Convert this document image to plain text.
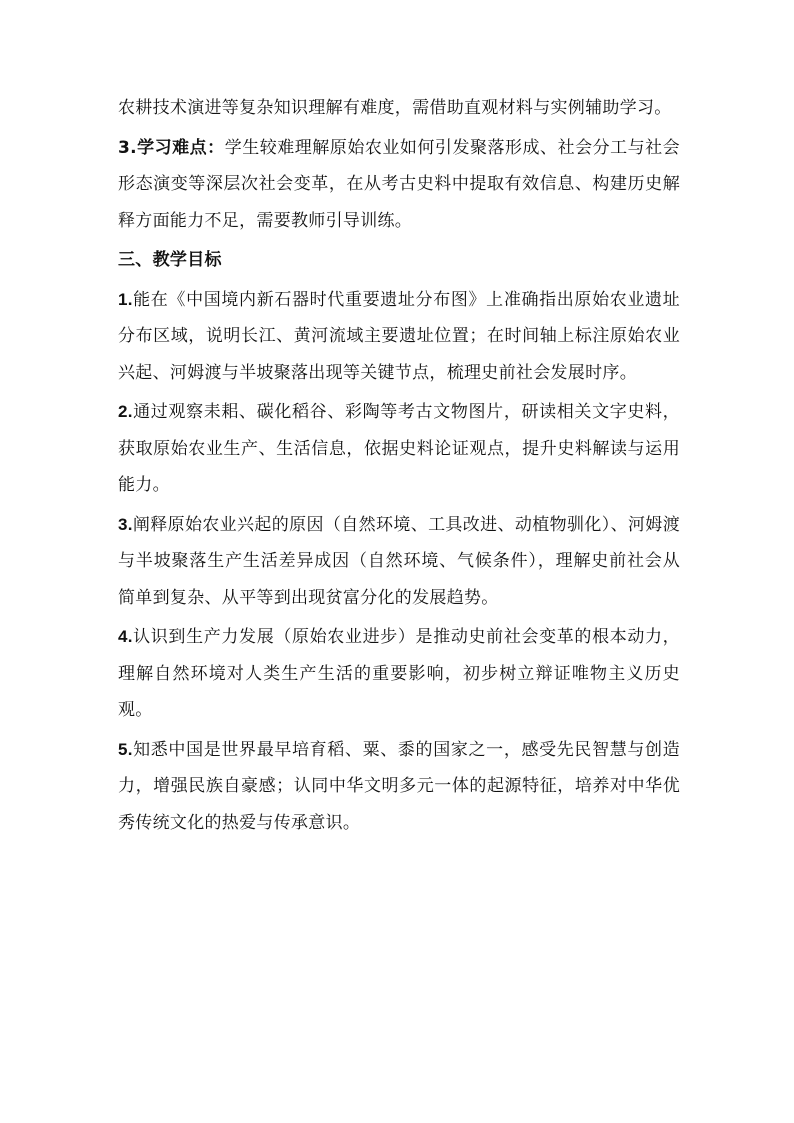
农耕技术演进等复杂知识理解有难度，需借助直观材料与实例辅助学习。

3.学习难点：学生较难理解原始农业如何引发聚落形成、社会分工与社会形态演变等深层次社会变革，在从考古史料中提取有效信息、构建历史解释方面能力不足，需要教师引导训练。

三、教学目标

1.能在《中国境内新石器时代重要遗址分布图》上准确指出原始农业遗址分布区域，说明长江、黄河流域主要遗址位置；在时间轴上标注原始农业兴起、河姆渡与半坡聚落出现等关键节点，梳理史前社会发展时序。

2.通过观察耒耜、碳化稻谷、彩陶等考古文物图片，研读相关文字史料，获取原始农业生产、生活信息，依据史料论证观点，提升史料解读与运用能力。

3.阐释原始农业兴起的原因（自然环境、工具改进、动植物驯化）、河姆渡与半坡聚落生产生活差异成因（自然环境、气候条件），理解史前社会从简单到复杂、从平等到出现贫富分化的发展趋势。

4.认识到生产力发展（原始农业进步）是推动史前社会变革的根本动力，理解自然环境对人类生产生活的重要影响，初步树立辩证唯物主义历史观。

5.知悉中国是世界最早培育稻、粟、黍的国家之一，感受先民智慧与创造力，增强民族自豪感；认同中华文明多元一体的起源特征，培养对中华优秀传统文化的热爱与传承意识。
